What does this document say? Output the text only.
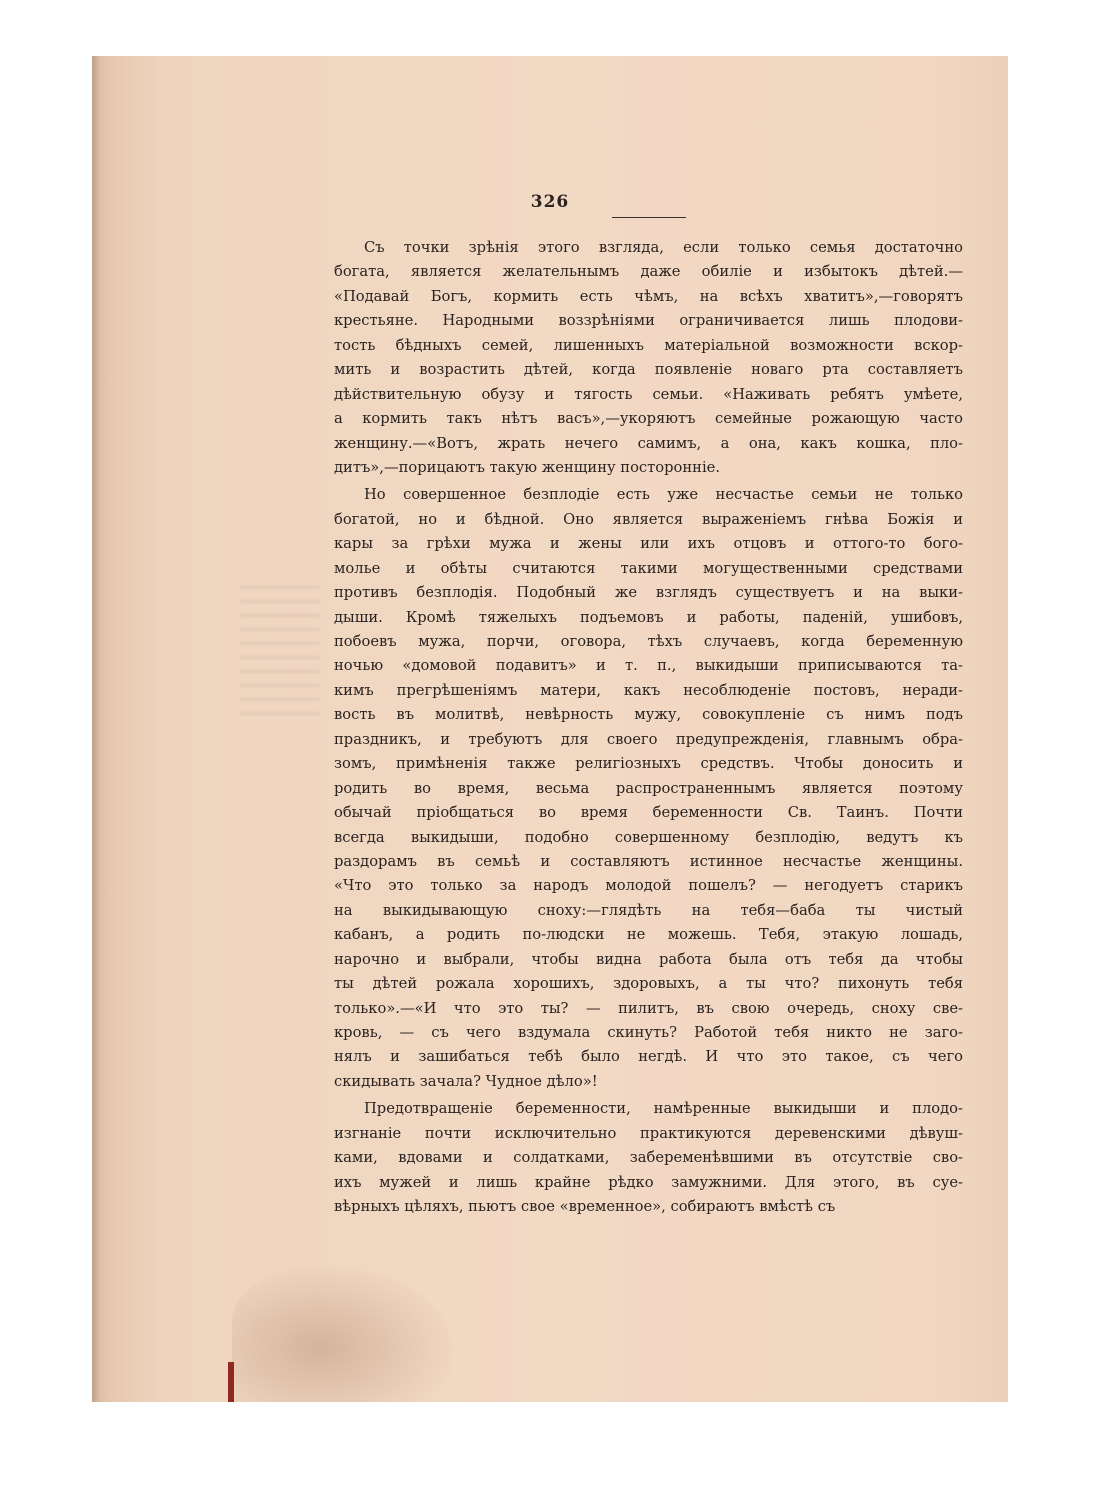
326
Съ точки зрѣнія этого взгляда, если только семья достаточно
богата, является желательнымъ даже обиліе и избытокъ дѣтей.—
«Подавай Богъ, кормить есть чѣмъ, на всѣхъ хватитъ»,—говорятъ
крестьяне. Народными воззрѣніями ограничивается лишь плодови-
тость бѣдныхъ семей, лишенныхъ матеріальной возможности вскор-
мить и возрастить дѣтей, когда появленіе новаго рта составляетъ
дѣйствительную обузу и тягость семьи. «Наживать ребятъ умѣете,
а кормить такъ нѣтъ васъ»,—укоряютъ семейные рожающую часто
женщину.—«Вотъ, жрать нечего самимъ, а она, какъ кошка, пло-
дитъ»,—порицаютъ такую женщину посторонніе.
Но совершенное безплодіе есть уже несчастье семьи не только
богатой, но и бѣдной. Оно является выраженіемъ гнѣва Божія и
кары за грѣхи мужа и жены или ихъ отцовъ и оттого-то бого-
молье и обѣты считаются такими могущественными средствами
противъ безплодія. Подобный же взглядъ существуетъ и на выки-
дыши. Кромѣ тяжелыхъ подъемовъ и работы, паденій, ушибовъ,
побоевъ мужа, порчи, оговора, тѣхъ случаевъ, когда беременную
ночью «домовой подавитъ» и т. п., выкидыши приписываются та-
кимъ прегрѣшеніямъ матери, какъ несоблюденіе постовъ, неради-
вость въ молитвѣ, невѣрность мужу, совокупленіе съ нимъ подъ
праздникъ, и требуютъ для своего предупрежденія, главнымъ обра-
зомъ, примѣненія также религіозныхъ средствъ. Чтобы доносить и
родить во время, весьма распространеннымъ является поэтому
обычай пріобщаться во время беременности Св. Таинъ. Почти
всегда выкидыши, подобно совершенному безплодію, ведутъ къ
раздорамъ въ семьѣ и составляютъ истинное несчастье женщины.
«Что это только за народъ молодой пошелъ? — негодуетъ старикъ
на выкидывающую сноху:—глядѣть на тебя—баба ты чистый
кабанъ, а родить по-людски не можешь. Тебя, этакую лошадь,
нарочно и выбрали, чтобы видна работа была отъ тебя да чтобы
ты дѣтей рожала хорошихъ, здоровыхъ, а ты что? пихонуть тебя
только».—«И что это ты? — пилитъ, въ свою очередь, сноху све-
кровь, — съ чего вздумала скинуть? Работой тебя никто не заго-
нялъ и зашибаться тебѣ было негдѣ. И что это такое, съ чего
скидывать зачала? Чудное дѣло»!
Предотвращеніе беременности, намѣренные выкидыши и плодо-
изгнаніе почти исключительно практикуются деревенскими дѣвуш-
ками, вдовами и солдатками, забеременѣвшими въ отсутствіе сво-
ихъ мужей и лишь крайне рѣдко замужними. Для этого, въ суе-
вѣрныхъ цѣляхъ, пьютъ свое «временное», собираютъ вмѣстѣ съ
